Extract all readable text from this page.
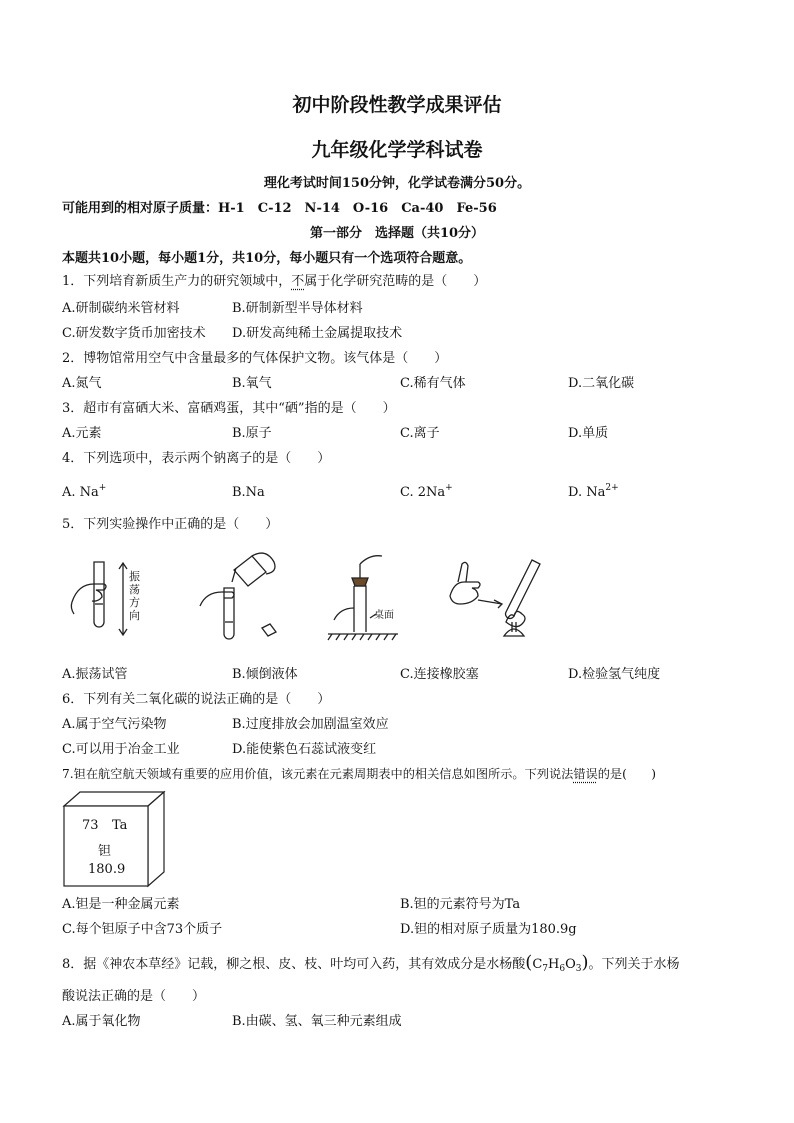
初中阶段性教学成果评估
九年级化学学科试卷
理化考试时间150分钟，化学试卷满分50分。
可能用到的相对原子质量：H-1　C-12　N-14　O-16　Ca-40　Fe-56
第一部分　选择题（共10分）
本题共10小题，每小题1分，共10分，每小题只有一个选项符合题意。
1．下列培育新质生产力的研究领域中，不属于化学研究范畴的是（　　）
A.研制碳纳米管材料	B.研制新型半导体材料
C.研发数字货币加密技术 D.研发高纯稀土金属提取技术
2．博物馆常用空气中含量最多的气体保护文物。该气体是（　　）
A.氮气	B.氧气	C.稀有气体	D.二氧化碳
3．超市有富硒大米、富硒鸡蛋，其中“硒”指的是（　　）
A.元素	B.原子	C.离子	D.单质
4．下列选项中，表示两个钠离子的是（　　）
A. Na+	B.Na	C. 2Na+	D. $Na^{2+}$
5．下列实验操作中正确的是（　　）
振荡方向	桌面
A.振荡试管	B.倾倒液体	C.连接橡胶塞	D.检验氢气纯度
6．下列有关二氧化碳的说法正确的是（　　）
A.属于空气污染物	B.过度排放会加剧温室效应
C.可以用于冶金工业	D.能使紫色石蕊试液变红
7.钽在航空航天领域有重要的应用价值，该元素在元素周期表中的相关信息如图所示。下列说法错误的是(　　)
73 Ta
钽
180.9
A.钽是一种金属元素	B.钽的元素符号为Ta
C.每个钽原子中含73个质子	D.钽的相对原子质量为180.9g
8．据《神农本草经》记载，柳之根、皮、枝、叶均可入药，其有效成分是水杨酸$(C_7H_6O_3)$。下列关于水杨
酸说法正确的是（　　）
A.属于氧化物	B.由碳、氢、氧三种元素组成
